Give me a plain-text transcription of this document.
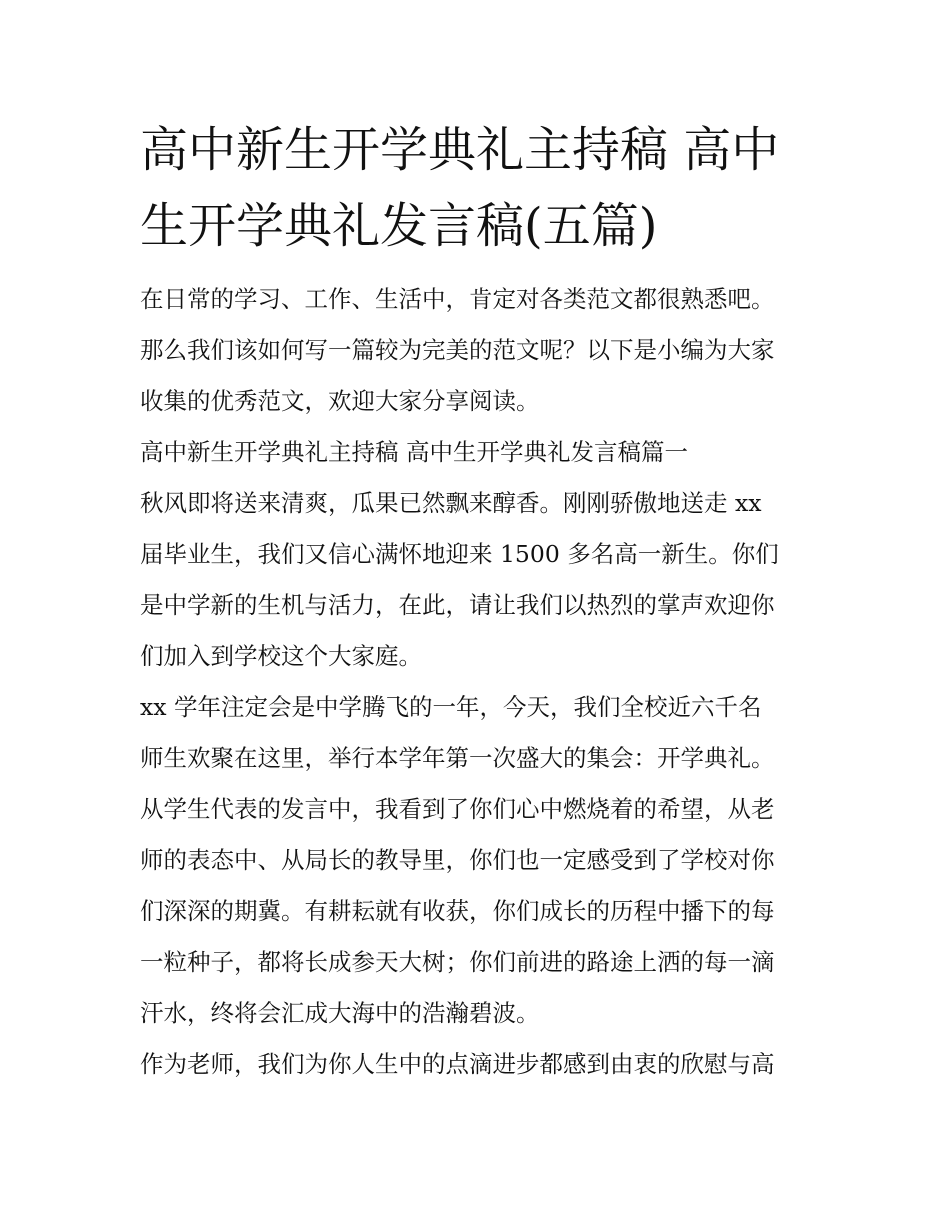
高中新生开学典礼主持稿 高中
生开学典礼发言稿(五篇)
在日常的学习、工作、生活中，肯定对各类范文都很熟悉吧。
那么我们该如何写一篇较为完美的范文呢？以下是小编为大家
收集的优秀范文，欢迎大家分享阅读。
高中新生开学典礼主持稿 高中生开学典礼发言稿篇一
秋风即将送来清爽，瓜果已然飘来醇香。刚刚骄傲地送走 xx
届毕业生，我们又信心满怀地迎来 1500 多名高一新生。你们
是中学新的生机与活力，在此，请让我们以热烈的掌声欢迎你
们加入到学校这个大家庭。
xx 学年注定会是中学腾飞的一年，今天，我们全校近六千名
师生欢聚在这里，举行本学年第一次盛大的集会：开学典礼。
从学生代表的发言中，我看到了你们心中燃烧着的希望，从老
师的表态中、从局长的教导里，你们也一定感受到了学校对你
们深深的期冀。有耕耘就有收获，你们成长的历程中播下的每
一粒种子，都将长成参天大树；你们前进的路途上洒的每一滴
汗水，终将会汇成大海中的浩瀚碧波。
作为老师，我们为你人生中的点滴进步都感到由衷的欣慰与高
